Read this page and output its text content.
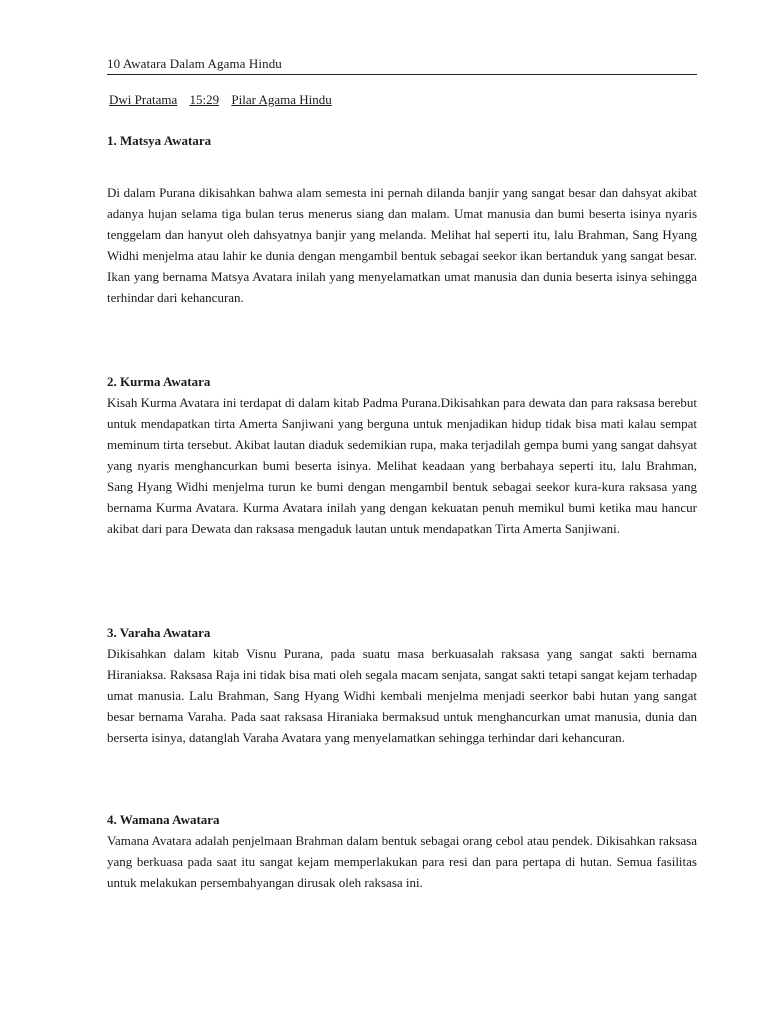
10 Awatara Dalam Agama Hindu
Dwi Pratama 15:29 Pilar Agama Hindu
1. Matsya Awatara

Di dalam Purana dikisahkan bahwa alam semesta ini pernah dilanda banjir yang sangat besar dan dahsyat akibat adanya hujan selama tiga bulan terus menerus siang dan malam. Umat manusia dan bumi beserta isinya nyaris tenggelam dan hanyut oleh dahsyatnya banjir yang melanda. Melihat hal seperti itu, lalu Brahman, Sang Hyang Widhi menjelma atau lahir ke dunia dengan mengambil bentuk sebagai seekor ikan bertanduk yang sangat besar. Ikan yang bernama Matsya Avatara inilah yang menyelamatkan umat manusia dan dunia beserta isinya sehingga terhindar dari kehancuran.

2. Kurma Awatara

Kisah Kurma Avatara ini terdapat di dalam kitab Padma Purana.Dikisahkan para dewata dan para raksasa berebut untuk mendapatkan tirta Amerta Sanjiwani yang berguna untuk menjadikan hidup tidak bisa mati kalau sempat meminum tirta tersebut. Akibat lautan diaduk sedemikian rupa, maka terjadilah gempa bumi yang sangat dahsyat yang nyaris menghancurkan bumi beserta isinya. Melihat keadaan yang berbahaya seperti itu, lalu Brahman, Sang Hyang Widhi menjelma turun ke bumi dengan mengambil bentuk sebagai seekor kura-kura raksasa yang bernama Kurma Avatara. Kurma Avatara inilah yang dengan kekuatan penuh memikul bumi ketika mau hancur akibat dari para Dewata dan raksasa mengaduk lautan untuk mendapatkan Tirta Amerta Sanjiwani.

3. Varaha Awatara

Dikisahkan dalam kitab Visnu Purana, pada suatu masa berkuasalah raksasa yang sangat sakti bernama Hiraniaksa. Raksasa Raja ini tidak bisa mati oleh segala macam senjata, sangat sakti tetapi sangat kejam terhadap umat manusia. Lalu Brahman, Sang Hyang Widhi kembali menjelma menjadi seerkor babi hutan yang sangat besar bernama Varaha. Pada saat raksasa Hiraniaka bermaksud untuk menghancurkan umat manusia, dunia dan berserta isinya, datanglah Varaha Avatara yang menyelamatkan sehingga terhindar dari kehancuran.

4. Wamana Awatara

Vamana Avatara adalah penjelmaan Brahman dalam bentuk sebagai orang cebol atau pendek. Dikisahkan raksasa yang berkuasa pada saat itu sangat kejam memperlakukan para resi dan para pertapa di hutan. Semua fasilitas untuk melakukan persembahyangan dirusak oleh raksasa ini.
